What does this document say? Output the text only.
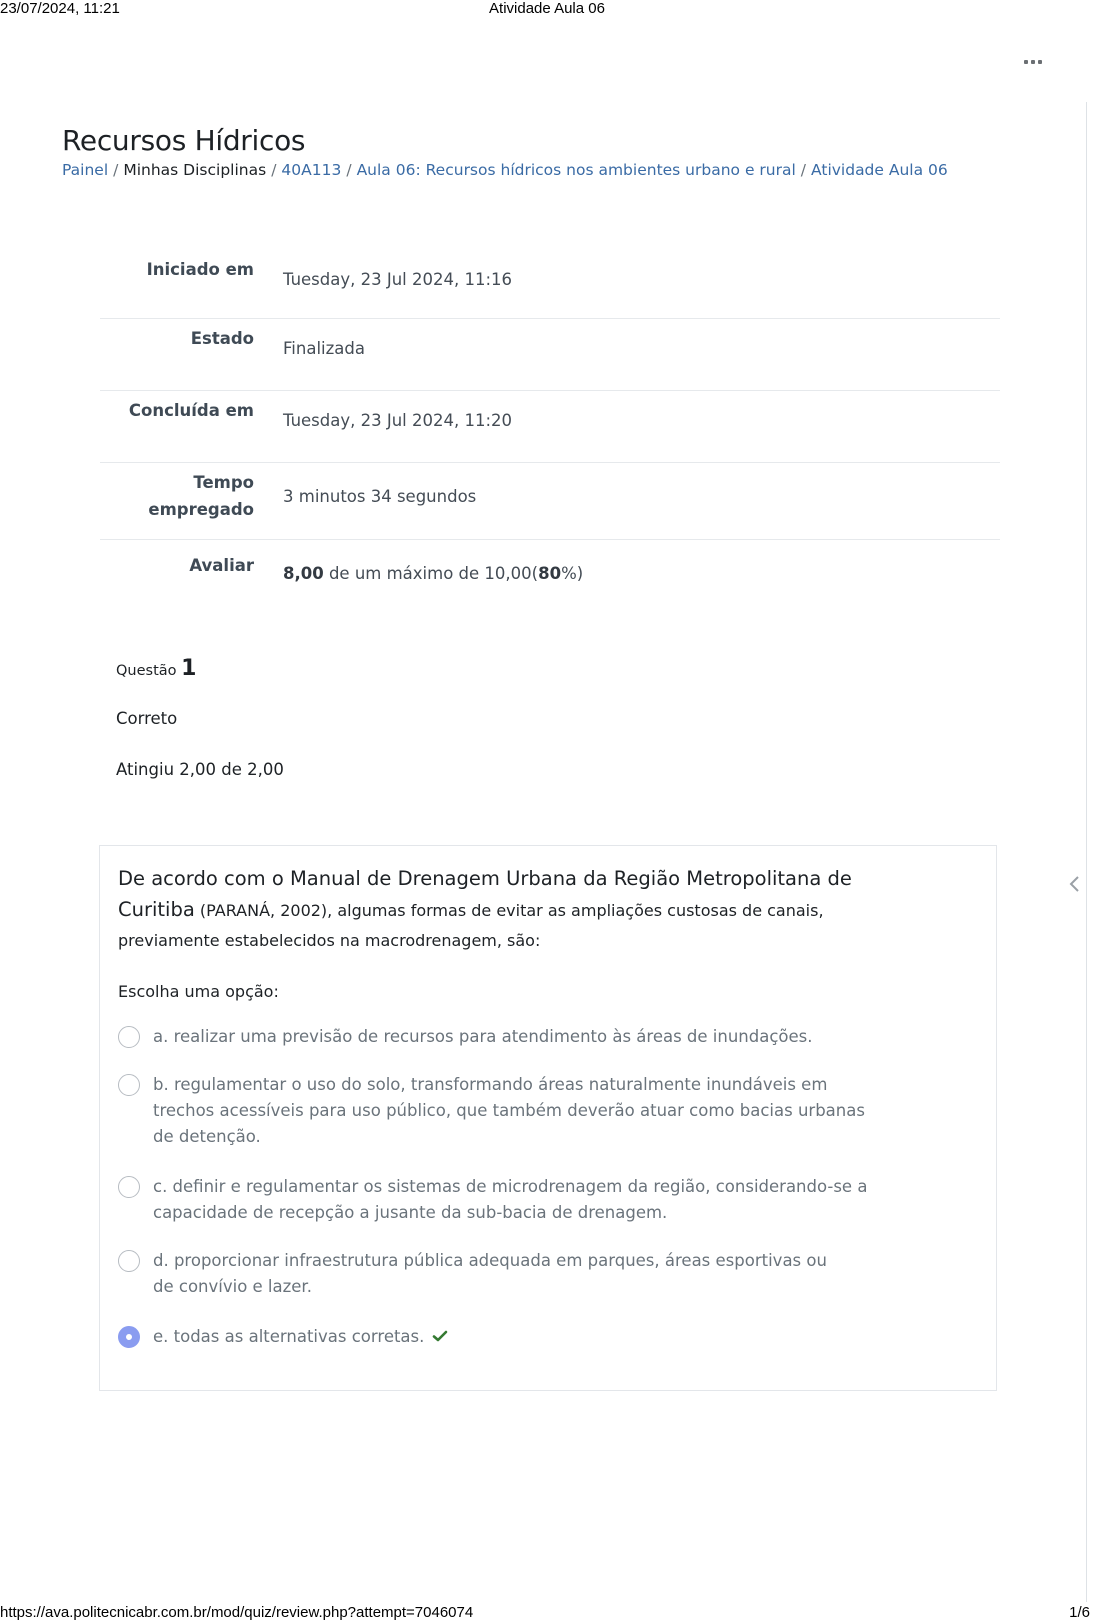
23/07/2024, 11:21	Atividade Aula 06
https://ava.politecnicabr.com.br/mod/quiz/review.php?attempt=7046074	1/6
Recursos Hídricos
Painel / Minhas Disciplinas / 40A113 / Aula 06: Recursos hídricos nos ambientes urbano e rural / Atividade Aula 06
Iniciado em
Tuesday, 23 Jul 2024, 11:16
Estado
Finalizada
Concluída em
Tuesday, 23 Jul 2024, 11:20
Tempo
empregado
3 minutos 34 segundos
Avaliar 8,00 de um máximo de 10,00(80%)
Questão 1
Correto
Atingiu 2,00 de 2,00
De acordo com o Manual de Drenagem Urbana da Região Metropolitana de Curitiba (PARANÁ, 2002), algumas formas de evitar as ampliações custosas de canais, previamente estabelecidos na macrodrenagem, são:
Escolha uma opção:
a. realizar uma previsão de recursos para atendimento às áreas de inundações.
b. regulamentar o uso do solo, transformando áreas naturalmente inundáveis em trechos acessíveis para uso público, que também deverão atuar como bacias urbanas de detenção.
c. definir e regulamentar os sistemas de microdrenagem da região, considerando-se a capacidade de recepção a jusante da sub-bacia de drenagem.
d. proporcionar infraestrutura pública adequada em parques, áreas esportivas ou de convívio e lazer.
e. todas as alternativas corretas.
